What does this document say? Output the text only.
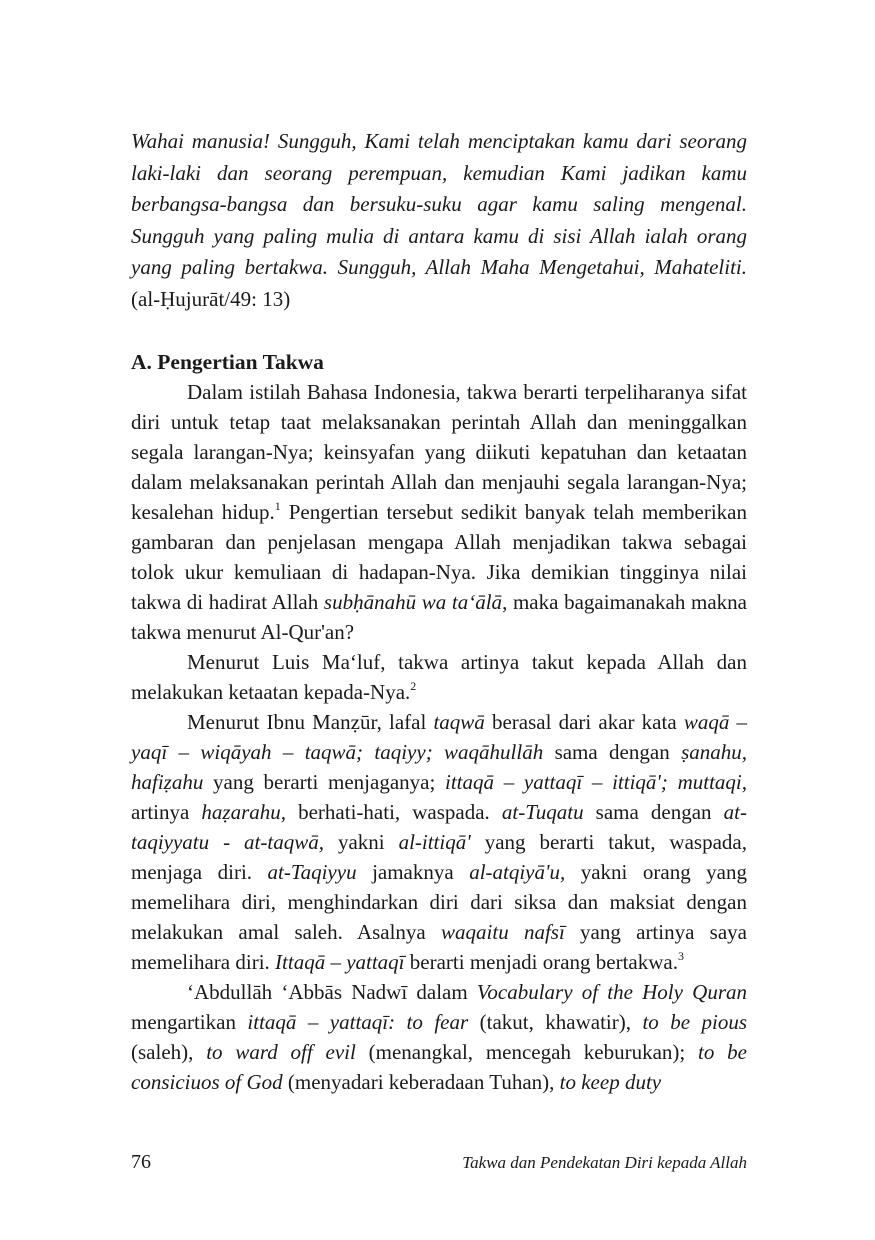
Wahai manusia! Sungguh, Kami telah menciptakan kamu dari seorang laki-laki dan seorang perempuan, kemudian Kami jadikan kamu berbangsa-bangsa dan bersuku-suku agar kamu saling mengenal. Sungguh yang paling mulia di antara kamu di sisi Allah ialah orang yang paling bertakwa. Sungguh, Allah Maha Mengetahui, Mahateliti. (al-Ḥujurāt/49: 13)

A. Pengertian Takwa

Dalam istilah Bahasa Indonesia, takwa berarti terpeliharanya sifat diri untuk tetap taat melaksanakan perintah Allah dan meninggalkan segala larangan-Nya; keinsyafan yang diikuti kepatuhan dan ketaatan dalam melaksanakan perintah Allah dan menjauhi segala larangan-Nya; kesalehan hidup.$^1$ Pengertian tersebut sedikit banyak telah memberikan gambaran dan penjelasan mengapa Allah menjadikan takwa sebagai tolok ukur kemuliaan di hadapan-Nya. Jika demikian tingginya nilai takwa di hadirat Allah subḥānahū wa ta‘ālā, maka bagaimanakah makna takwa menurut Al-Qur'an?

Menurut Luis Ma‘luf, takwa artinya takut kepada Allah dan melakukan ketaatan kepada-Nya.$^2$

Menurut Ibnu Manẓūr, lafal taqwā berasal dari akar kata waqā – yaqī – wiqāyah – taqwā; taqiyy; waqāhullāh sama dengan ṣanahu, hafiẓahu yang berarti menjaganya; ittaqā – yattaqī – ittiqā'; muttaqi, artinya haẓarahu, berhati-hati, waspada. at-Tuqatu sama dengan at-taqiyyatu - at-taqwā, yakni al-ittiqā' yang berarti takut, waspada, menjaga diri. at-Taqiyyu jamaknya al-atqiyā'u, yakni orang yang memelihara diri, menghindarkan diri dari siksa dan maksiat dengan melakukan amal saleh. Asalnya waqaitu nafsī yang artinya saya memelihara diri. Ittaqā – yattaqī berarti menjadi orang bertakwa.$^3$

‘Abdullāh ‘Abbās Nadwī dalam Vocabulary of the Holy Quran mengartikan ittaqā – yattaqī: to fear (takut, khawatir), to be pious (saleh), to ward off evil (menangkal, mencegah keburukan); to be consiciuos of God (menyadari keberadaan Tuhan), to keep duty

76	Takwa dan Pendekatan Diri kepada Allah
